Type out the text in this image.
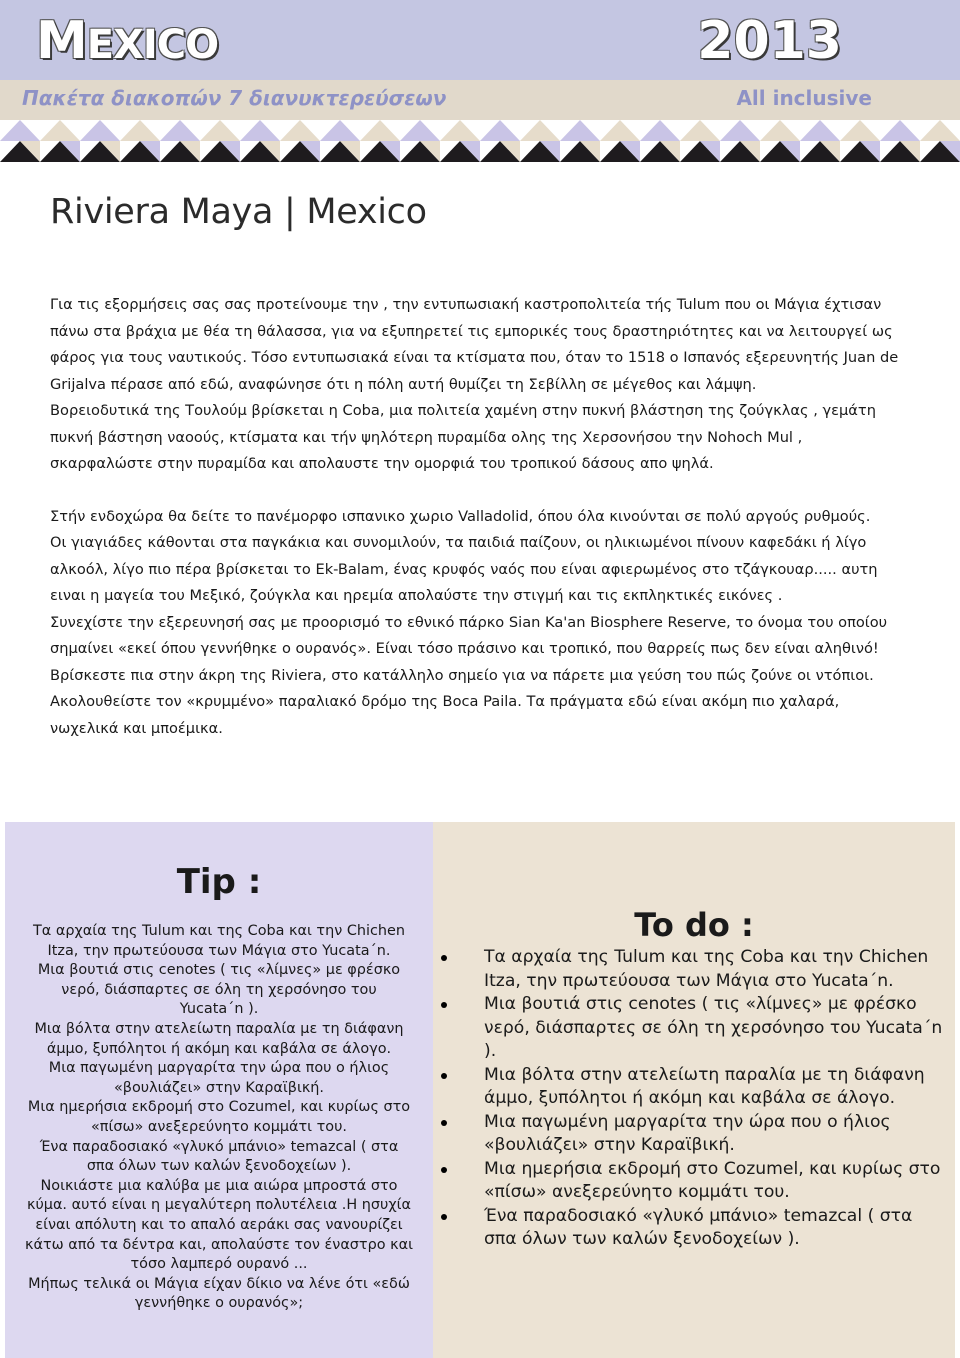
MEXICO	2013
Πακέτα διακοπών 7 διανυκτερεύσεων	All inclusive
Riviera Maya | Mexico

Για τις εξορμήσεις σας σας προτείνουμε την , την εντυπωσιακή καστροπολιτεία τής Tulum που οι Μάγια έχτισαν

πάνω στα βράχια με θέα τη θάλασσα, για να εξυπηρετεί τις εμπορικές τους δραστηριότητες και να λειτουργεί ως

φάρος για τους ναυτικούς. Τόσο εντυπωσιακά είναι τα κτίσματα που, όταν το 1518 ο Ισπανός εξερευνητής Juan de

Grijalva πέρασε από εδώ, αναφώνησε ότι η πόλη αυτή θυμίζει τη Σεβίλλη σε μέγεθος και λάμψη.

Βορειοδυτικά της Τουλούμ βρίσκεται η Coba, μια πολιτεία χαμένη στην πυκνή βλάστηση της ζούγκλας , γεμάτη

πυκνή βάστηση ναοούς, κτίσματα και τήν ψηλότερη πυραμίδα ολης της Χερσονήσου την Nohoch Mul ,

σκαρφαλώστε στην πυραμίδα και απολαυστε την ομορφιά του τροπικού δάσους απο ψηλά.

Στήν ενδοχώρα θα δείτε το πανέμορφο ισπανικο χωριο Valladolid, όπου όλα κινούνται σε πολύ αργούς ρυθμούς.

Οι γιαγιάδες κάθονται στα παγκάκια και συνομιλούν, τα παιδιά παίζουν, οι ηλικιωμένοι πίνουν καφεδάκι ή λίγο

αλκοόλ, λίγο πιο πέρα βρίσκεται το Ek-Balam, ένας κρυφός ναός που είναι αφιερωμένος στο τζάγκουαρ..... αυτη

ειναι η μαγεία του Μεξικό, ζούγκλα και ηρεμία απολαύστε την στιγμή και τις εκπληκτικές εικόνες .

Συνεχίστε την εξερευνησή σας με προορισμό το εθνικό πάρκο Sian Ka'an Biosphere Reserve, το όνομα του οποίου

σημαίνει «εκεί όπου γεννήθηκε ο ουρανός». Είναι τόσο πράσινο και τροπικό, που θαρρείς πως δεν είναι αληθινό!

Βρίσκεστε πια στην άκρη της Riviera, στο κατάλληλο σημείο για να πάρετε μια γεύση του πώς ζούνε οι ντόπιοι.

Ακολουθείστε τον «κρυμμένο» παραλιακό δρόμο της Boca Paila. Τα πράγματα εδώ είναι ακόμη πιο χαλαρά,

νωχελικά και μποέμικα.

Tip :
Τα αρχαία της Tulum και της Coba και την Chichen
Itza, την πρωτεύουσα των Μάγια στο Yucata΄n.
Μια βουτιά στις cenotes ( τις «λίμνες» με φρέσκο
νερό, διάσπαρτες σε όλη τη χερσόνησο του
Yucata΄n ).
Μια βόλτα στην ατελείωτη παραλία με τη διάφανη
άμμο, ξυπόλητοι ή ακόμη και καβάλα σε άλογο.
Μια παγωμένη μαργαρίτα την ώρα που ο ήλιος
«βουλιάζει» στην Καραϊβική.
Μια ημερήσια εκδρομή στο Cozumel, και κυρίως στο
«πίσω» ανεξερεύνητο κομμάτι του.
Ένα παραδοσιακό «γλυκό μπάνιο» temazcal ( στα
σπα όλων των καλών ξενοδοχείων ).
Νοικιάστε μια καλύβα με μια αιώρα μπροστά στο
κύμα. αυτό είναι η μεγαλύτερη πολυτέλεια .Η ησυχία
είναι απόλυτη και το απαλό αεράκι σας νανουρίζει
κάτω από τα δέντρα και, απολαύστε τον έναστρο και
τόσο λαμπερό ουρανό ...
Μήπως τελικά οι Μάγια είχαν δίκιο να λένε ότι «εδώ
γεννήθηκε ο ουρανός»;
To do :
Τα αρχαία της Tulum και της Coba και την Chichen Itza, την πρωτεύουσα των Μάγια στο Yucata΄n.
Μια βουτιά στις cenotes ( τις «λίμνες» με φρέσκο νερό, διάσπαρτες σε όλη τη χερσόνησο του Yucata΄n ).
Μια βόλτα στην ατελείωτη παραλία με τη διάφανη άμμο, ξυπόλητοι ή ακόμη και καβάλα σε άλογο.
Μια παγωμένη μαργαρίτα την ώρα που ο ήλιος «βουλιάζει» στην Καραϊβική.
Μια ημερήσια εκδρομή στο Cozumel, και κυρίως στο «πίσω» ανεξερεύνητο κομμάτι του.
Ένα παραδοσιακό «γλυκό μπάνιο» temazcal ( στα σπα όλων των καλών ξενοδοχείων ).
